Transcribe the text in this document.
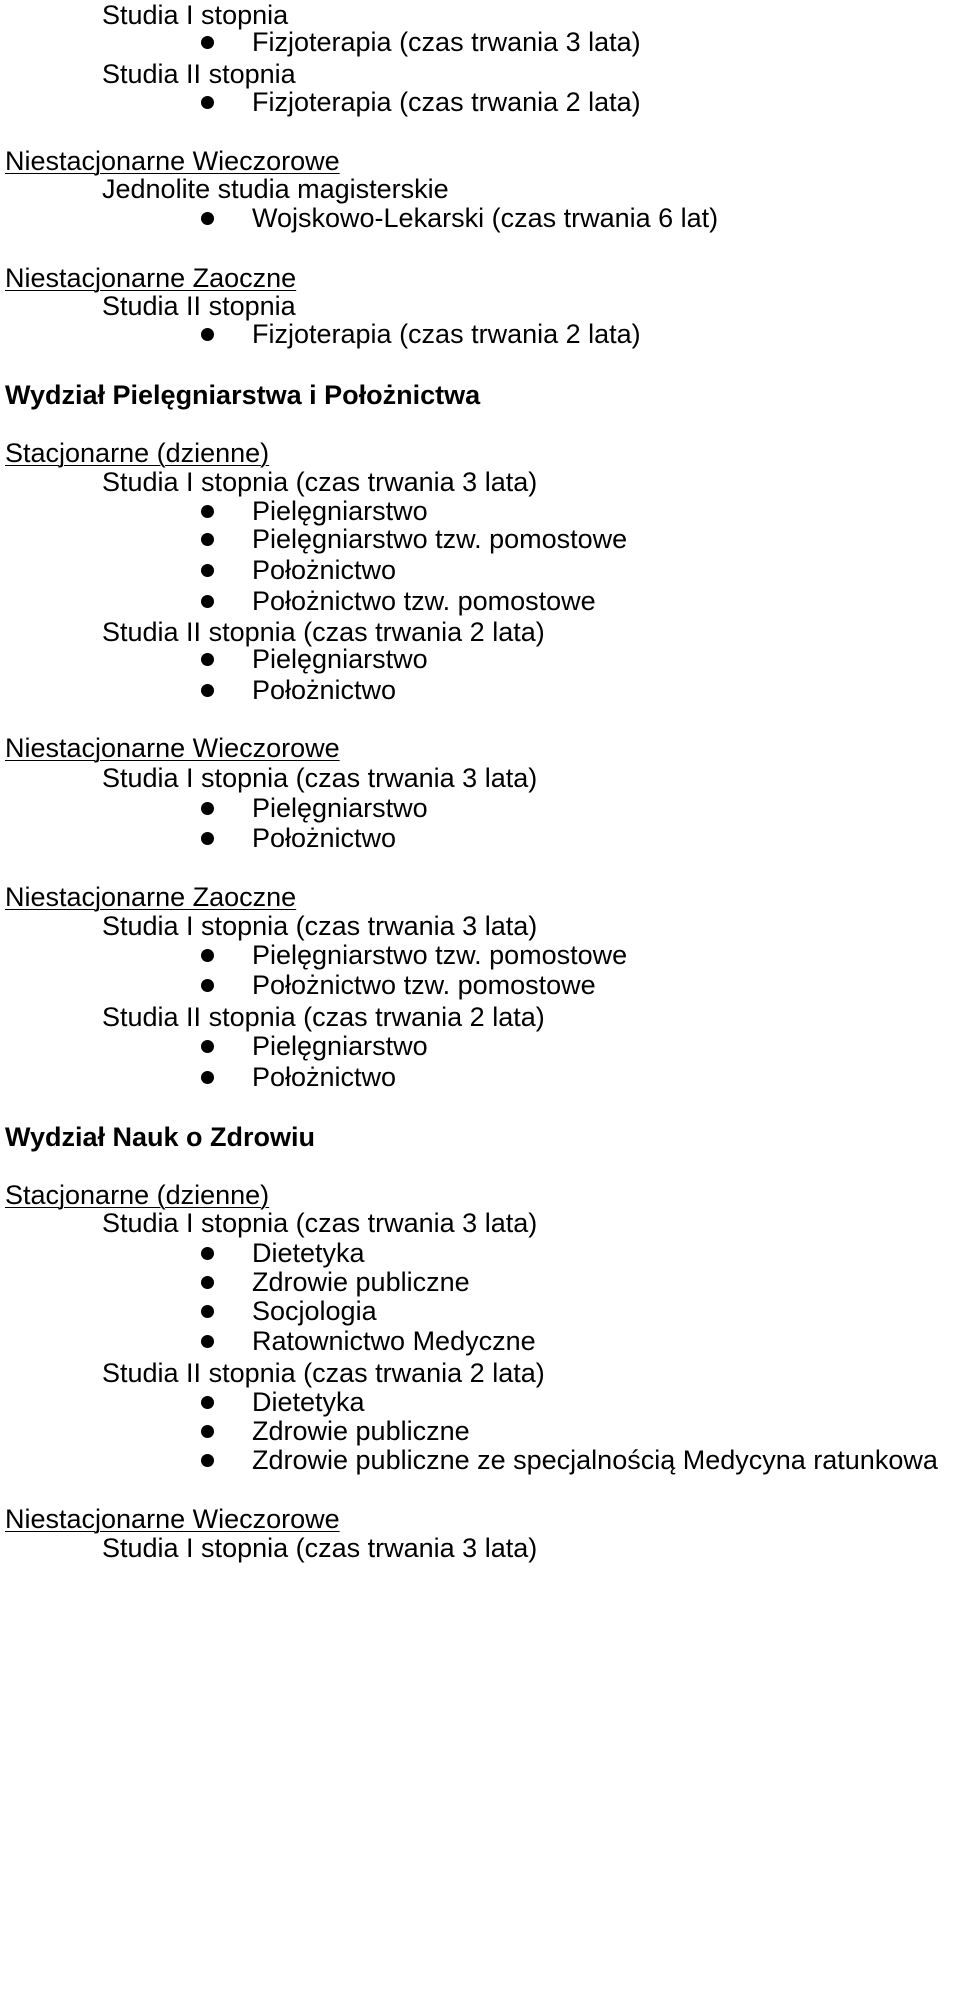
Studia I stopnia
Fizjoterapia (czas trwania 3 lata)
Studia II stopnia
Fizjoterapia (czas trwania 2 lata)
Niestacjonarne Wieczorowe
Jednolite studia magisterskie
Wojskowo-Lekarski (czas trwania 6 lat)
Niestacjonarne Zaoczne
Studia II stopnia
Fizjoterapia (czas trwania 2 lata)
Wydział Pielęgniarstwa i Położnictwa
Stacjonarne (dzienne)
Studia I stopnia (czas trwania 3 lata)
Pielęgniarstwo
Pielęgniarstwo tzw. pomostowe
Położnictwo
Położnictwo tzw. pomostowe
Studia II stopnia (czas trwania 2 lata)
Pielęgniarstwo
Położnictwo
Niestacjonarne Wieczorowe
Studia I stopnia (czas trwania 3 lata)
Pielęgniarstwo
Położnictwo
Niestacjonarne Zaoczne
Studia I stopnia (czas trwania 3 lata)
Pielęgniarstwo tzw. pomostowe
Położnictwo tzw. pomostowe
Studia II stopnia (czas trwania 2 lata)
Pielęgniarstwo
Położnictwo
Wydział Nauk o Zdrowiu
Stacjonarne (dzienne)
Studia I stopnia (czas trwania 3 lata)
Dietetyka
Zdrowie publiczne
Socjologia
Ratownictwo Medyczne
Studia II stopnia (czas trwania 2 lata)
Dietetyka
Zdrowie publiczne
Zdrowie publiczne ze specjalnością Medycyna ratunkowa
Niestacjonarne Wieczorowe
Studia I stopnia (czas trwania 3 lata)
